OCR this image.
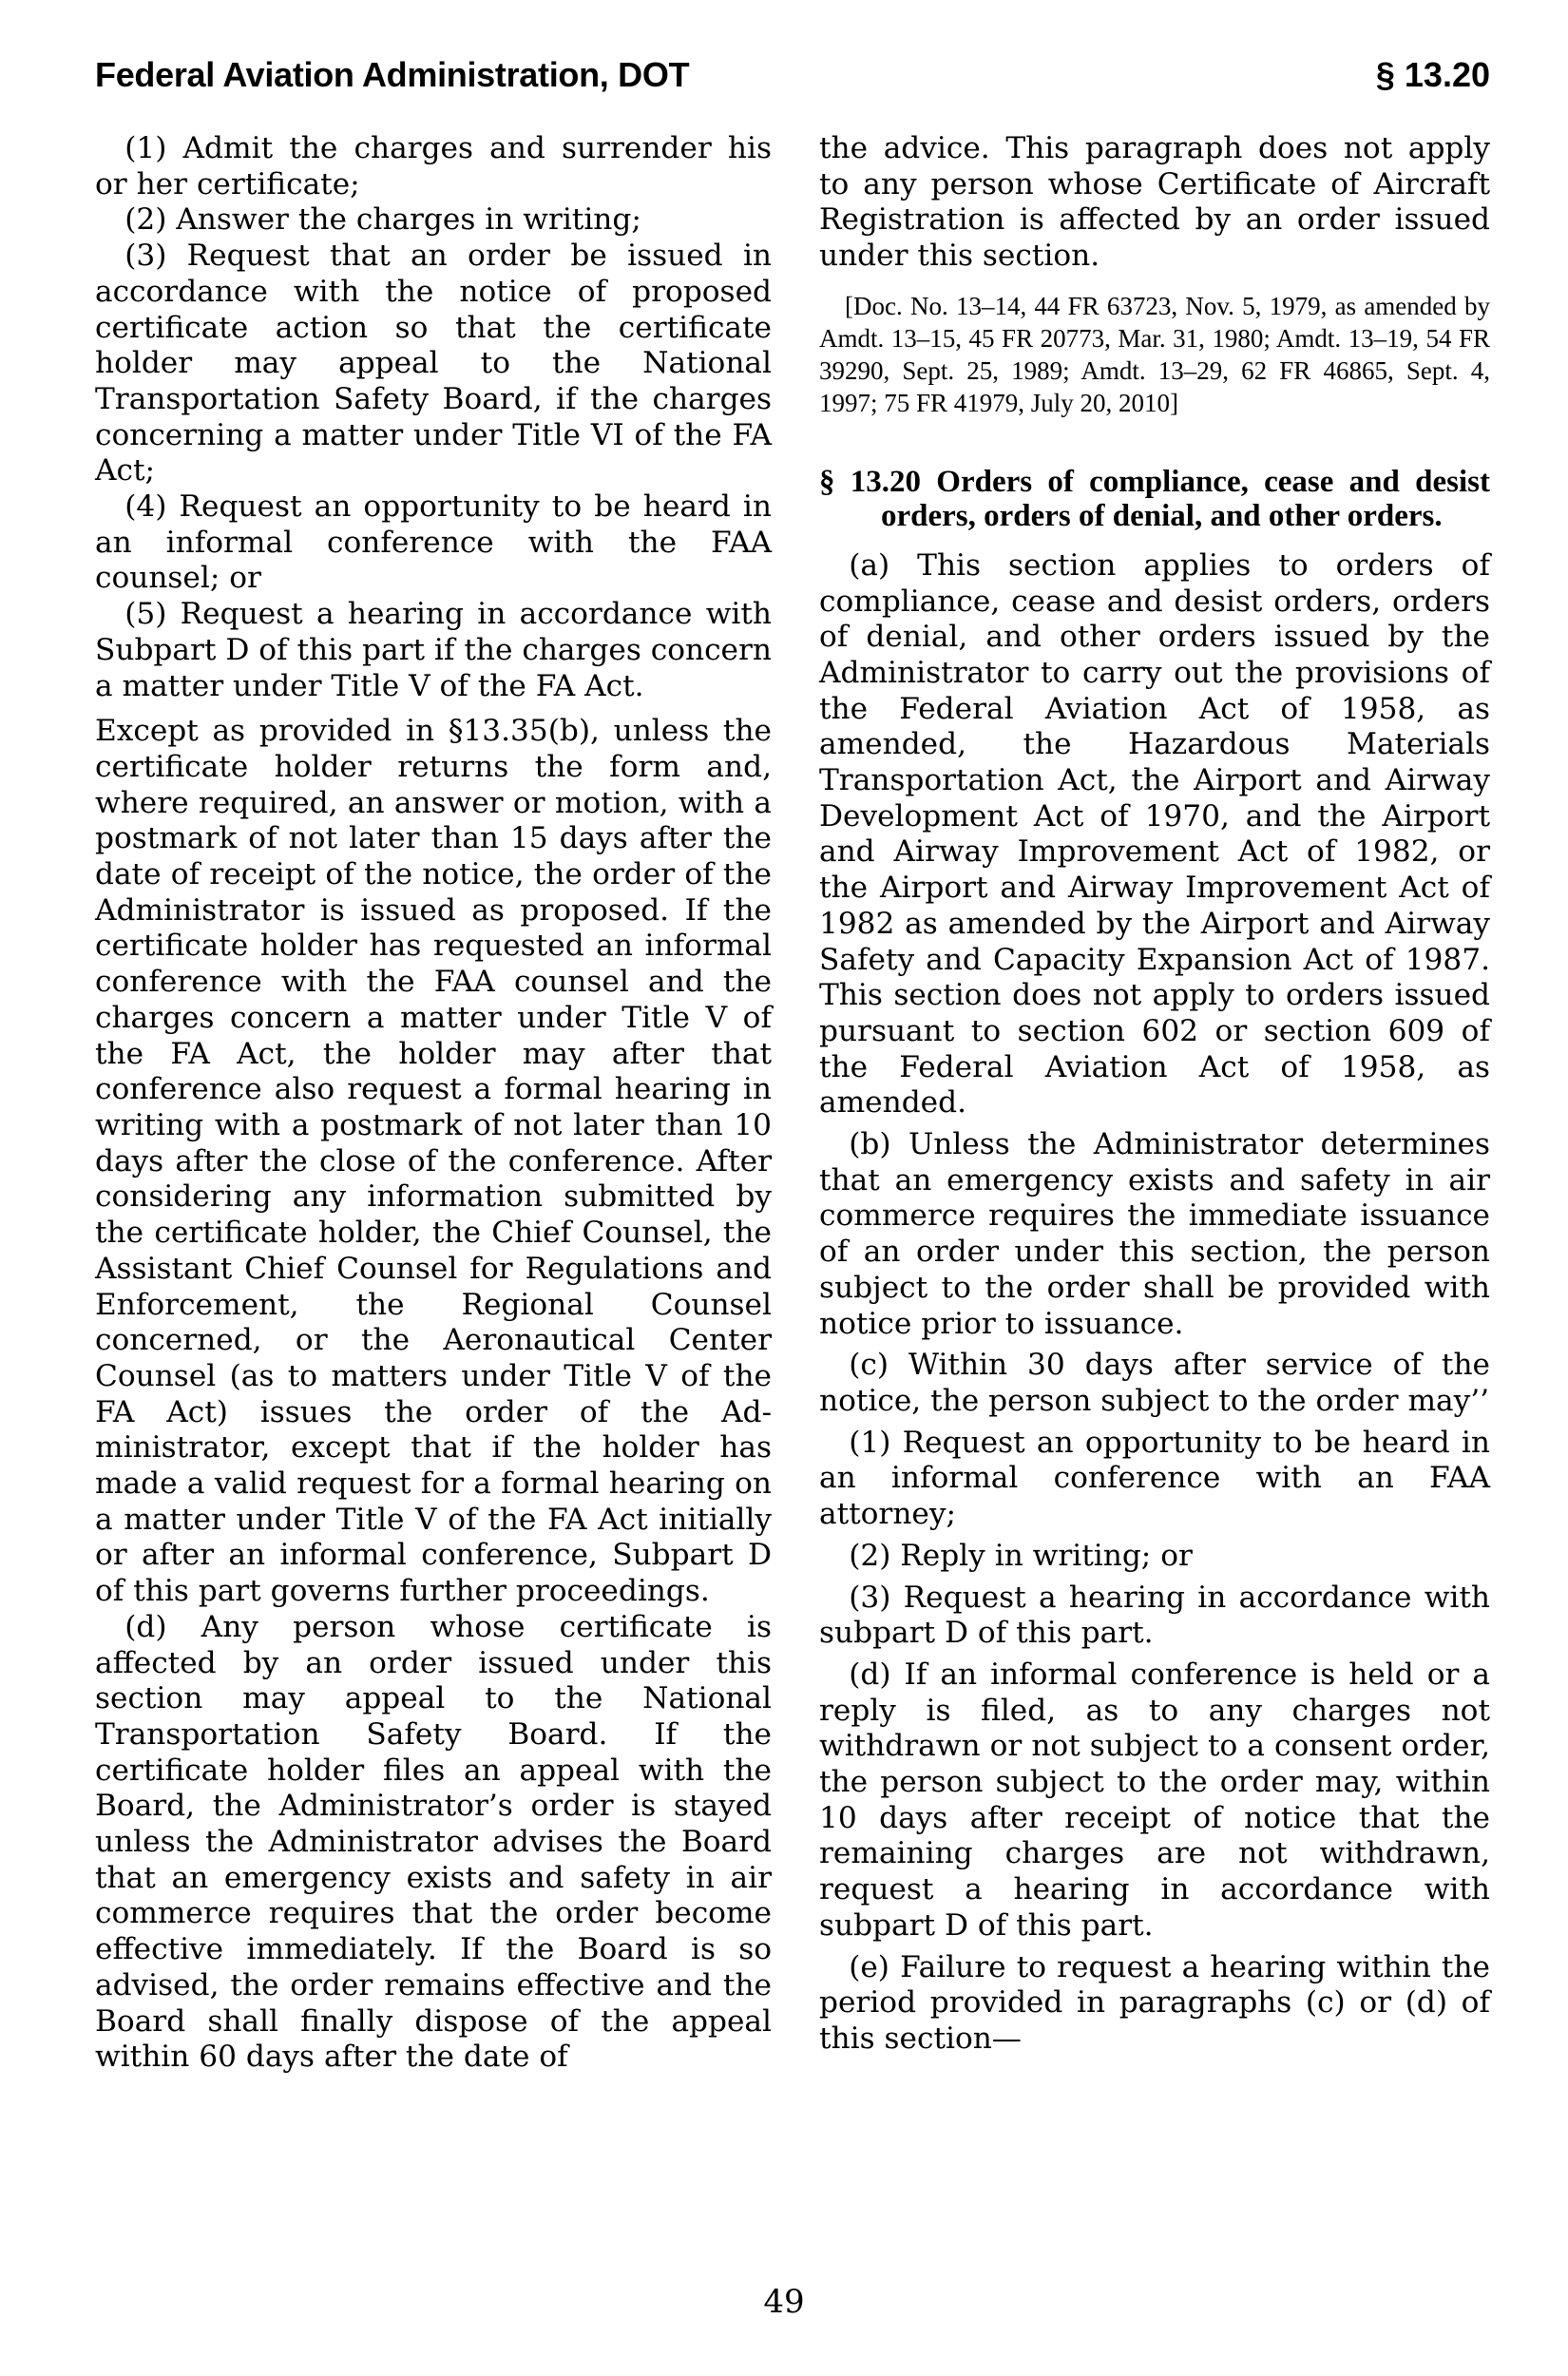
Federal Aviation Administration, DOT	§ 13.20

(1) Admit the charges and surrender his or her certificate;

(2) Answer the charges in writing;

(3) Request that an order be issued in accordance with the notice of proposed certificate action so that the certificate holder may appeal to the National Transportation Safety Board, if the charges concerning a matter under Title VI of the FA Act;

(4) Request an opportunity to be heard in an informal conference with the FAA counsel; or

(5) Request a hearing in accordance with Subpart D of this part if the charges concern a matter under Title V of the FA Act.

Except as provided in §13.35(b), unless the certificate holder returns the form and, where required, an answer or motion, with a postmark of not later than 15 days after the date of receipt of the notice, the order of the Administrator is issued as proposed. If the certificate holder has requested an informal conference with the FAA counsel and the charges concern a matter under Title V of the FA Act, the holder may after that conference also request a formal hearing in writing with a postmark of not later than 10 days after the close of the conference. After considering any information submitted by the certificate holder, the Chief Counsel, the Assistant Chief Counsel for Regulations and Enforcement, the Regional Counsel concerned, or the Aeronautical Center Counsel (as to matters under Title V of the FA Act) issues the order of the Administrator, except that if the holder has made a valid request for a formal hearing on a matter under Title V of the FA Act initially or after an informal conference, Subpart D of this part governs further proceedings.

(d) Any person whose certificate is affected by an order issued under this section may appeal to the National Transportation Safety Board. If the certificate holder files an appeal with the Board, the Administrator’s order is stayed unless the Administrator advises the Board that an emergency exists and safety in air commerce requires that the order become effective immediately. If the Board is so advised, the order remains effective and the Board shall finally dispose of the appeal within 60 days after the date of

the advice. This paragraph does not apply to any person whose Certificate of Aircraft Registration is affected by an order issued under this section.

[Doc. No. 13–14, 44 FR 63723, Nov. 5, 1979, as amended by Amdt. 13–15, 45 FR 20773, Mar. 31, 1980; Amdt. 13–19, 54 FR 39290, Sept. 25, 1989; Amdt. 13–29, 62 FR 46865, Sept. 4, 1997; 75 FR 41979, July 20, 2010]

§ 13.20 Orders of compliance, cease and desist orders, orders of denial, and other orders.

(a) This section applies to orders of compliance, cease and desist orders, orders of denial, and other orders issued by the Administrator to carry out the provisions of the Federal Aviation Act of 1958, as amended, the Hazardous Materials Transportation Act, the Airport and Airway Development Act of 1970, and the Airport and Airway Improvement Act of 1982, or the Airport and Airway Improvement Act of 1982 as amended by the Airport and Airway Safety and Capacity Expansion Act of 1987. This section does not apply to orders issued pursuant to section 602 or section 609 of the Federal Aviation Act of 1958, as amended.

(b) Unless the Administrator determines that an emergency exists and safety in air commerce requires the immediate issuance of an order under this section, the person subject to the order shall be provided with notice prior to issuance.

(c) Within 30 days after service of the notice, the person subject to the order may’’

(1) Request an opportunity to be heard in an informal conference with an FAA attorney;

(2) Reply in writing; or

(3) Request a hearing in accordance with subpart D of this part.

(d) If an informal conference is held or a reply is filed, as to any charges not withdrawn or not subject to a consent order, the person subject to the order may, within 10 days after receipt of notice that the remaining charges are not withdrawn, request a hearing in accordance with subpart D of this part.

(e) Failure to request a hearing within the period provided in paragraphs (c) or (d) of this section—

49
